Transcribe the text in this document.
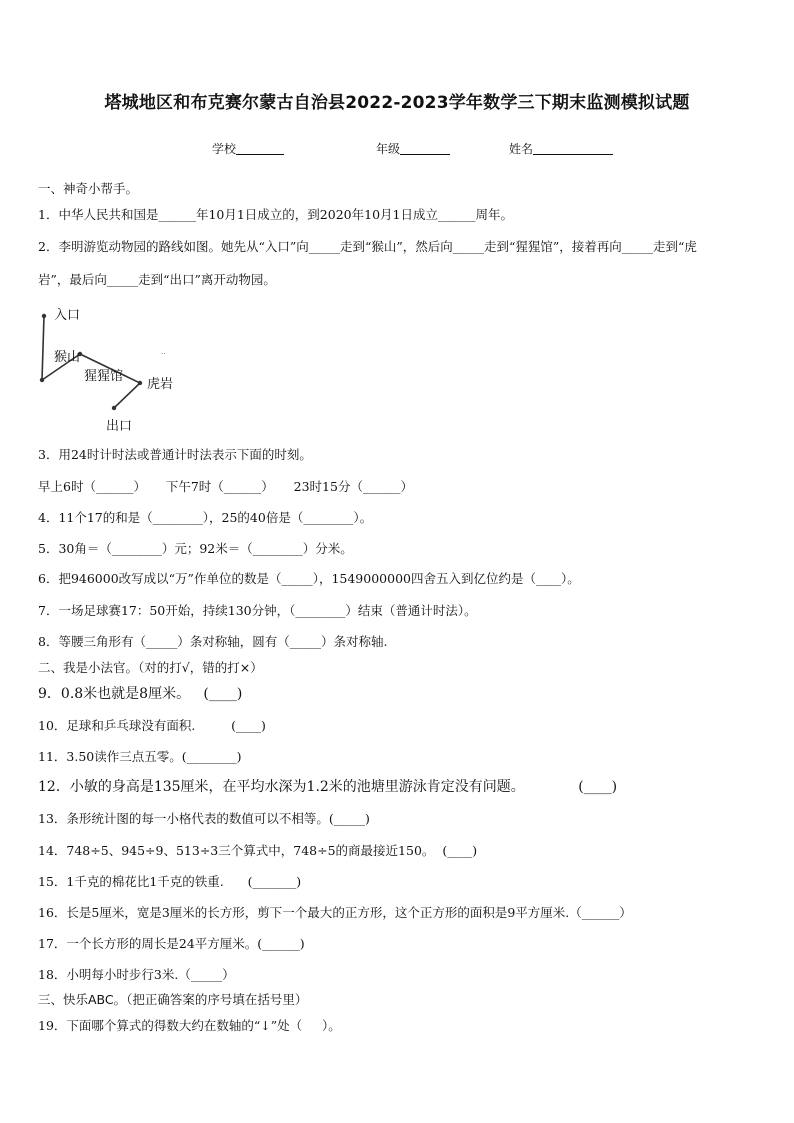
塔城地区和布克赛尔蒙古自治县2022-2023学年数学三下期末监测模拟试题
学校	年级	姓名
一、神奇小帮手。
1．中华人民共和国是______年10月1日成立的，到2020年10月1日成立______周年。
2．李明游览动物园的路线如图。她先从“入口”向_____走到“猴山”，然后向_____走到“猩猩馆”，接着再向_____走到“虎
岩”，最后向_____走到“出口”离开动物园。
..
入口
猴山
猩猩馆
虎岩
出口
3．用24时计时法或普通计时法表示下面的时刻。
早上6时（______）     下午7时（______）     23时15分（______）
4．11个17的和是（________），25的40倍是（________）。
5．30角＝（________）元；92米＝（________）分米。
6．把946000改写成以“万”作单位的数是（_____），1549000000四舍五入到亿位约是（____）。
7．一场足球赛17：50开始，持续130分钟，（________）结束（普通计时法）。
8．等腰三角形有（_____）条对称轴，圆有（_____）条对称轴.
二、我是小法官。（对的打√，错的打×）
9．0.8米也就是8厘米。   (____)
10．足球和乒乓球没有面积.         (____)
11．3.50读作三点五零。(________)
12．小敏的身高是135厘米，在平均水深为1.2米的池塘里游泳肯定没有问题。            (____)
13．条形统计图的每一小格代表的数值可以不相等。(_____)
14．748÷5、945÷9、513÷3三个算式中，748÷5的商最接近150。  (____)
15．1千克的棉花比1千克的铁重.      (_______)
16．长是5厘米，宽是3厘米的长方形，剪下一个最大的正方形，这个正方形的面积是9平方厘米.（______）
17．一个长方形的周长是24平方厘米。(______)
18．小明每小时步行3米.（_____）
三、快乐ABC。（把正确答案的序号填在括号里）
19．下面哪个算式的得数大约在数轴的“↓”处（     ）。
